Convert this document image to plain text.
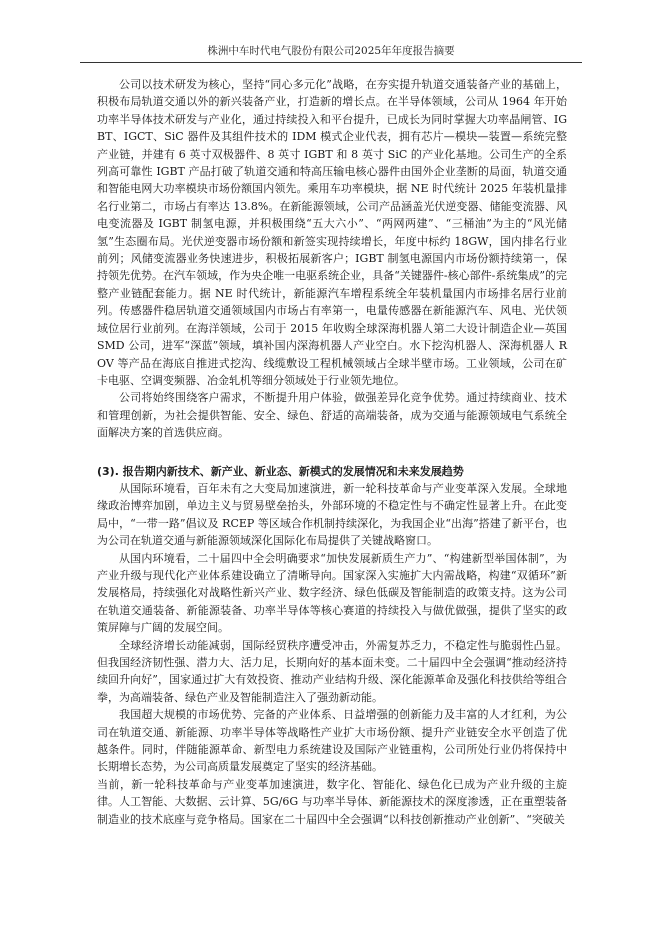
株洲中车时代电气股份有限公司2025年年度报告摘要

公司以技术研发为核心，坚持“同心多元化”战略，在夯实提升轨道交通装备产业的基础上，积极布局轨道交通以外的新兴装备产业，打造新的增长点。在半导体领域，公司从 1964 年开始功率半导体技术研发与产业化，通过持续投入和平台提升，已成长为同时掌握大功率晶闸管、IGBT、IGCT、SiC 器件及其组件技术的 IDM 模式企业代表，拥有芯片—模块—装置—系统完整产业链，并建有 6 英寸双极器件、8 英寸 IGBT 和 8 英寸 SiC 的产业化基地。公司生产的全系列高可靠性 IGBT 产品打破了轨道交通和特高压输电核心器件由国外企业垄断的局面，轨道交通和智能电网大功率模块市场份额国内领先。乘用车功率模块，据 NE 时代统计 2025 年装机量排名行业第二，市场占有率达 13.8%。在新能源领域，公司产品涵盖光伏逆变器、储能变流器、风电变流器及 IGBT 制氢电源，并积极围绕“五大六小”、“两网两建”、“三桶油”为主的“风光储氢”生态圈布局。光伏逆变器市场份额和新签实现持续增长，年度中标约 18GW，国内排名行业前列；风储变流器业务快速进步，积极拓展新客户；IGBT 制氢电源国内市场份额持续第一，保持领先优势。在汽车领域，作为央企唯一电驱系统企业，具备“关键器件-核心部件-系统集成”的完整产业链配套能力。据 NE 时代统计，新能源汽车增程系统全年装机量国内市场排名居行业前列。传感器件稳居轨道交通领域国内市场占有率第一，电量传感器在新能源汽车、风电、光伏领域位居行业前列。在海洋领域，公司于 2015 年收购全球深海机器人第二大设计制造企业—英国 SMD 公司，进军“深蓝”领域，填补国内深海机器人产业空白。水下挖沟机器人、深海机器人 ROV 等产品在海底自推进式挖沟、线缆敷设工程机械领域占全球半壁市场。工业领域，公司在矿卡电驱、空调变频器、冶金轧机等细分领域处于行业领先地位。

公司将始终围绕客户需求，不断提升用户体验，做强差异化竞争优势。通过持续商业、技术和管理创新，为社会提供智能、安全、绿色、舒适的高端装备，成为交通与能源领域电气系统全面解决方案的首选供应商。

(3). 报告期内新技术、新产业、新业态、新模式的发展情况和未来发展趋势

从国际环境看，百年未有之大变局加速演进，新一轮科技革命与产业变革深入发展。全球地缘政治博弈加剧，单边主义与贸易壁垒抬头，外部环境的不稳定性与不确定性显著上升。在此变局中，“一带一路”倡议及 RCEP 等区域合作机制持续深化，为我国企业“出海”搭建了新平台，也为公司在轨道交通与新能源领域深化国际化布局提供了关键战略窗口。

从国内环境看，二十届四中全会明确要求“加快发展新质生产力”、“构建新型举国体制”，为产业升级与现代化产业体系建设确立了清晰导向。国家深入实施扩大内需战略，构建“双循环”新发展格局，持续强化对战略性新兴产业、数字经济、绿色低碳及智能制造的政策支持。这为公司在轨道交通装备、新能源装备、功率半导体等核心赛道的持续投入与做优做强，提供了坚实的政策屏障与广阔的发展空间。

全球经济增长动能减弱，国际经贸秩序遭受冲击，外需复苏乏力，不稳定性与脆弱性凸显。但我国经济韧性强、潜力大、活力足，长期向好的基本面未变。二十届四中全会强调“推动经济持续回升向好”，国家通过扩大有效投资、推动产业结构升级、深化能源革命及强化科技供给等组合拳，为高端装备、绿色产业及智能制造注入了强劲新动能。

我国超大规模的市场优势、完备的产业体系、日益增强的创新能力及丰富的人才红利，为公司在轨道交通、新能源、功率半导体等战略性产业扩大市场份额、提升产业链安全水平创造了优越条件。同时，伴随能源革命、新型电力系统建设及国际产业链重构，公司所处行业仍将保持中长期增长态势，为公司高质量发展奠定了坚实的经济基础。

当前，新一轮科技革命与产业变革加速演进，数字化、智能化、绿色化已成为产业升级的主旋律。人工智能、大数据、云计算、5G/6G 与功率半导体、新能源技术的深度渗透，正在重塑装备制造业的技术底座与竞争格局。国家在二十届四中全会强调“以科技创新推动产业创新”、“突破关
